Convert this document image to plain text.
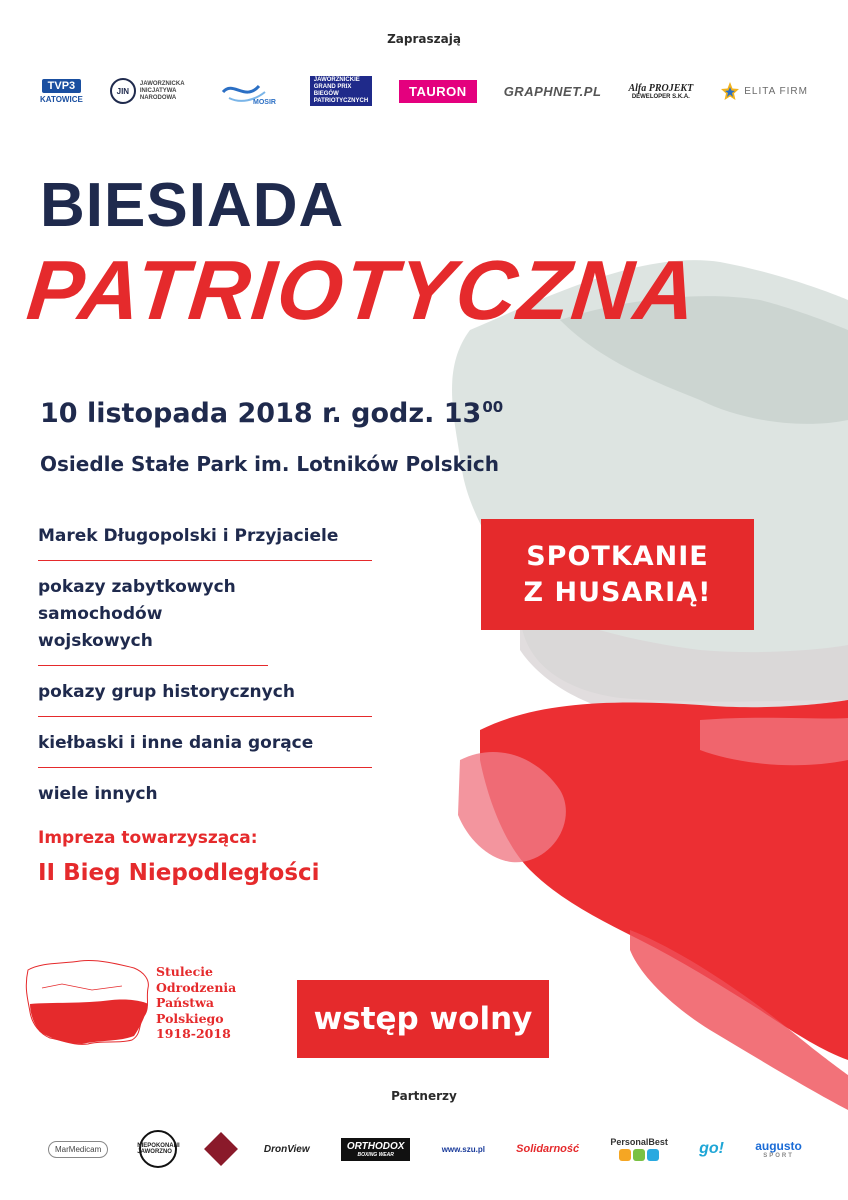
Zapraszają
TVP3
KATOWICE
JIN
JAWORZNICKA INICJATYWA NARODOWA
MOSIR
JAWORZNICKIE GRAND PRIX BIEGÓW PATRIOTYCZNYCH
TAURON	GRAPHNET.PL	Alfa PROJEKT
DEWELOPER S.K.A.	ELITA FIRM
BIESIADA
PATRIOTYCZNA
10 listopada 2018 r. godz. $13^{00}$
Osiedle Stałe Park im. Lotników Polskich
Marek Długopolski i Przyjaciele
pokazy zabytkowych samochodów wojskowych
pokazy grup historycznych
kiełbaski i inne dania gorące
wiele innych
Impreza towarzysząca:
II Bieg Niepodległości
SPOTKANIE
Z HUSARIĄ!
Stulecie
Odrodzenia
Państwa
Polskiego
1918-2018	wstęp wolny
Partnerzy
MarMedicam	NIEPOKONANI JAWORZNO	DronView	ORTHODOX
BOXING WEAR
www.szu.pl	Solidarność
PersonalBest go!	augusto
SPORT
